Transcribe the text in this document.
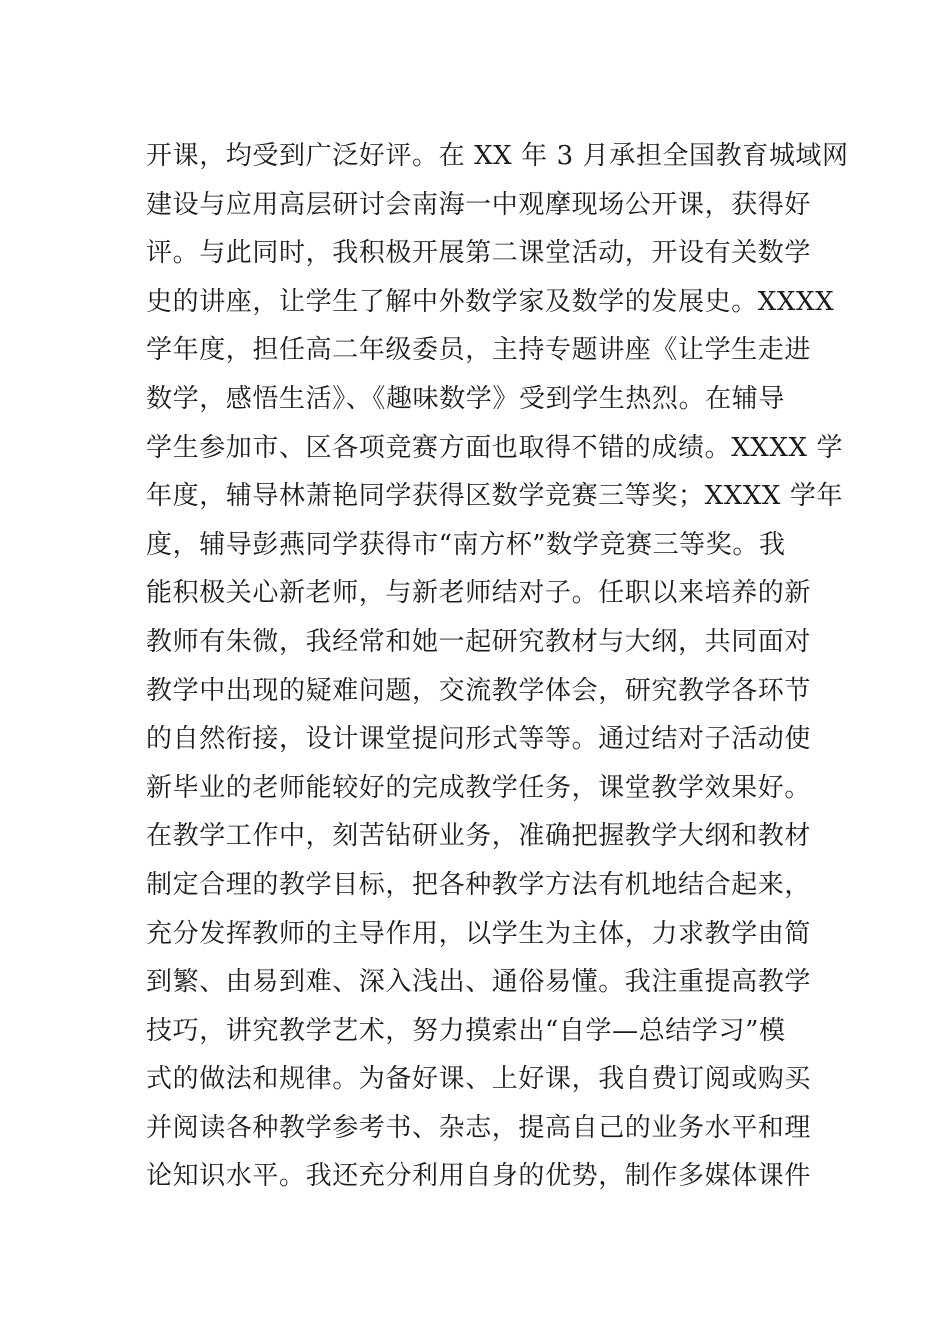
开课，均受到广泛好评。在 XX 年 3 月承担全国教育城域网
建设与应用高层研讨会南海一中观摩现场公开课，获得好
评。与此同时，我积极开展第二课堂活动，开设有关数学
史的讲座，让学生了解中外数学家及数学的发展史。XXXX
学年度，担任高二年级委员，主持专题讲座《让学生走进
数学，感悟生活》、《趣味数学》受到学生热烈。在辅导
学生参加市、区各项竞赛方面也取得不错的成绩。XXXX 学
年度，辅导林萧艳同学获得区数学竞赛三等奖；XXXX 学年
度，辅导彭燕同学获得市“南方杯”数学竞赛三等奖。我
能积极关心新老师，与新老师结对子。任职以来培养的新
教师有朱微，我经常和她一起研究教材与大纲，共同面对
教学中出现的疑难问题，交流教学体会，研究教学各环节
的自然衔接，设计课堂提问形式等等。通过结对子活动使
新毕业的老师能较好的完成教学任务，课堂教学效果好。
在教学工作中，刻苦钻研业务，准确把握教学大纲和教材
制定合理的教学目标，把各种教学方法有机地结合起来，
充分发挥教师的主导作用，以学生为主体，力求教学由简
到繁、由易到难、深入浅出、通俗易懂。我注重提高教学
技巧，讲究教学艺术，努力摸索出“自学—总结学习”模
式的做法和规律。为备好课、上好课，我自费订阅或购买
并阅读各种教学参考书、杂志，提高自己的业务水平和理
论知识水平。我还充分利用自身的优势，制作多媒体课件
